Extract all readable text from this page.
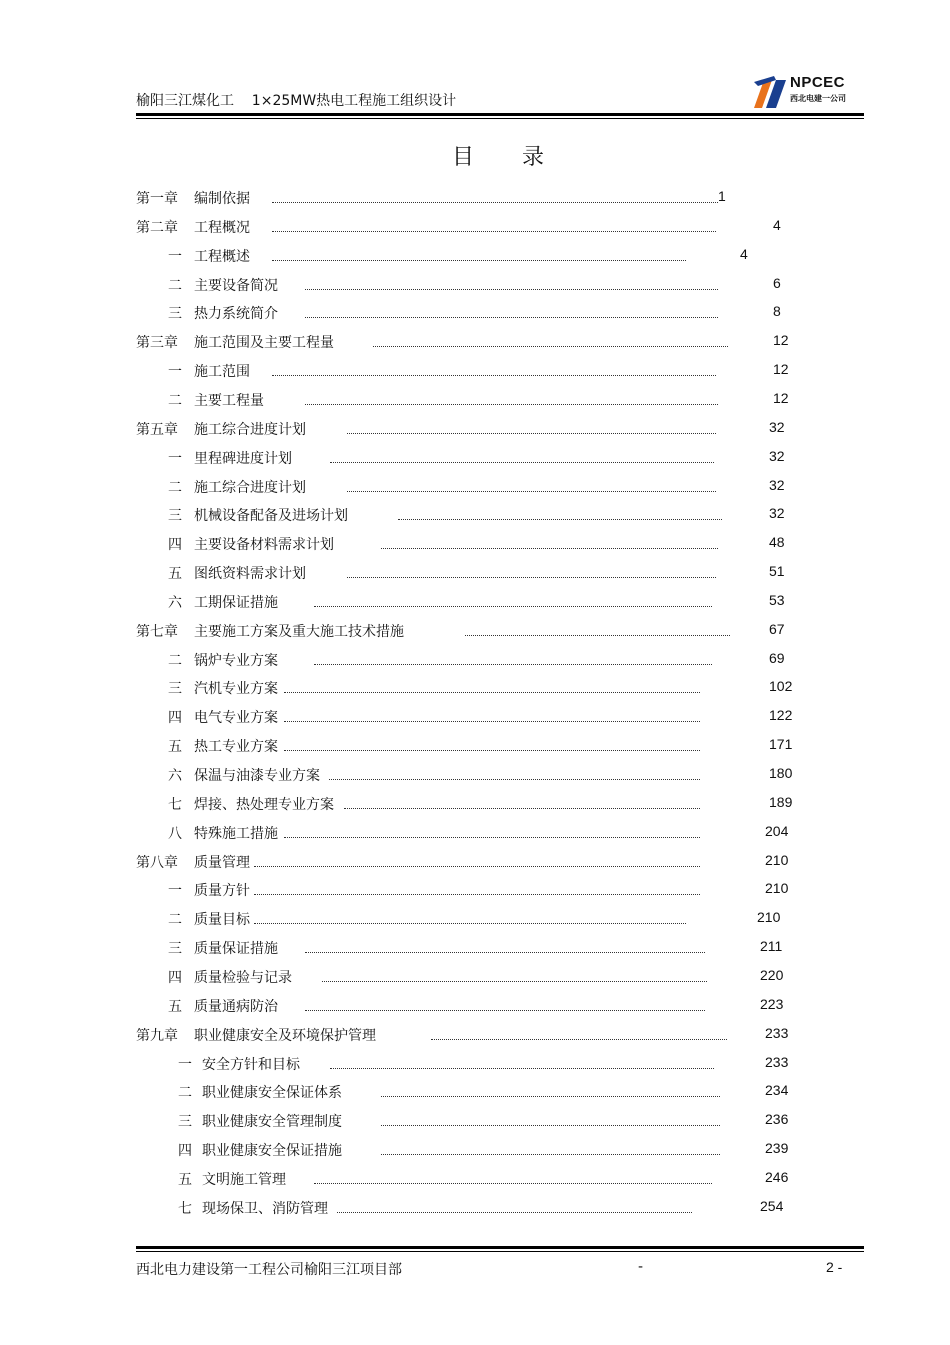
榆阳三江煤化工    1×25MW热电工程施工组织设计
NPCEC
西北电建一公司
目录
第一章 编制依据	1
第二章 工程概况	4
一 工程概述	4
二 主要设备简况	6
三 热力系统简介	8
第三章 施工范围及主要工程量	12
一 施工范围	12
二 主要工程量	12
第五章 施工综合进度计划	32
一 里程碑进度计划	32
二 施工综合进度计划	32
三 机械设备配备及进场计划	32
四 主要设备材料需求计划	48
五 图纸资料需求计划	51
六 工期保证措施	53
第七章 主要施工方案及重大施工技术措施	67
二 锅炉专业方案	69
三 汽机专业方案	102
四 电气专业方案	122
五 热工专业方案	171
六 保温与油漆专业方案	180
七 焊接、热处理专业方案	189
八 特殊施工措施	204
第八章 质量管理	210
一 质量方针	210
二 质量目标	210
三 质量保证措施	211
四 质量检验与记录	220
五 质量通病防治	223
第九章 职业健康安全及环境保护管理	233
一 安全方针和目标	233
二 职业健康安全保证体系	234
三 职业健康安全管理制度	236
四 职业健康安全保证措施	239
五 文明施工管理	246
七 现场保卫、消防管理	254
西北电力建设第一工程公司榆阳三江项目部	-	2 -
